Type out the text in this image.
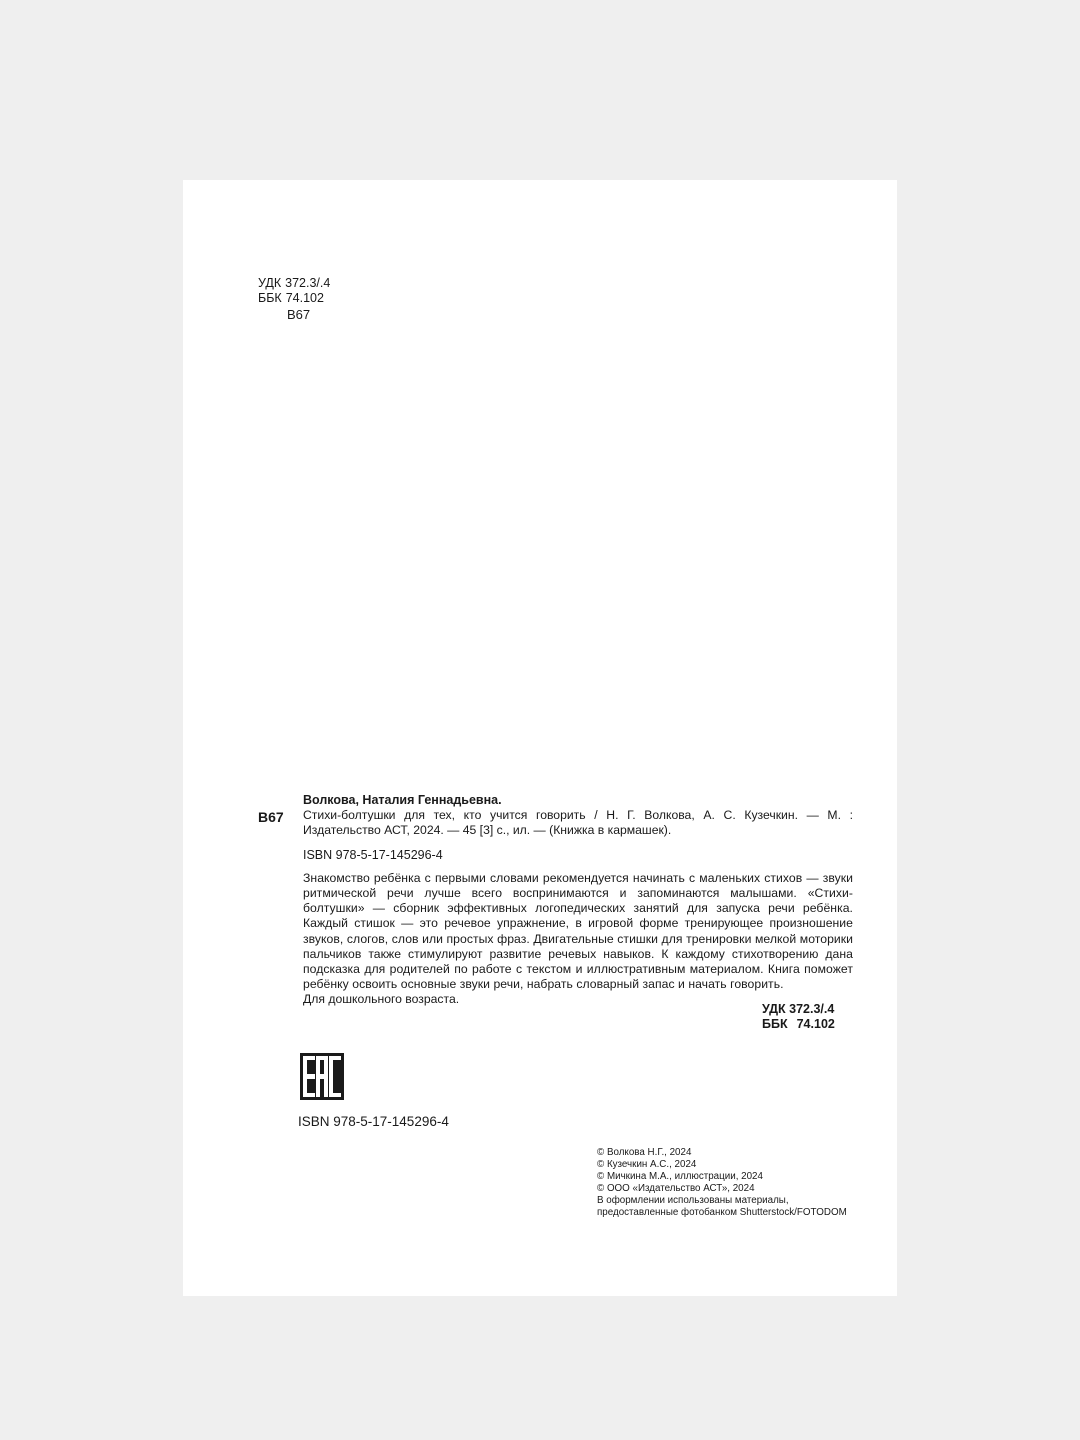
УДК 372.3/.4
ББК 74.102
В67
В67

Волкова, Наталия Геннадьевна.

Стихи-болтушки для тех, кто учится говорить / Н. Г. Волкова, А. С. Кузечкин. — М. : Издательство АСТ, 2024. — 45 [3] с., ил. — (Книжка в кармашек).

ISBN 978-5-17-145296-4

Знакомство ребёнка с первыми словами рекомендуется начинать с маленьких стихов — звуки ритмической речи лучше всего воспринимаются и запоминаются малышами. «Стихи-болтушки» — сборник эффективных логопедических занятий для запуска речи ребёнка. Каждый стишок — это речевое упражнение, в игровой форме тренирующее произношение звуков, слогов, слов или простых фраз. Двигательные стишки для тренировки мелкой моторики пальчиков также стимулируют развитие речевых навыков. К каждому стихотворению дана подсказка для родителей по работе с текстом и иллюстративным материалом. Книга поможет ребёнку освоить основные звуки речи, набрать словарный запас и начать говорить.

Для дошкольного возраста.

УДК 372.3/.4
ББК 74.102
ISBN 978-5-17-145296-4
© Волкова Н.Г., 2024
© Кузечкин А.С., 2024
© Мичкина М.А., иллюстрации, 2024
© ООО «Издательство АСТ», 2024
В оформлении использованы материалы,
предоставленные фотобанком Shutterstock/FOTODOM
